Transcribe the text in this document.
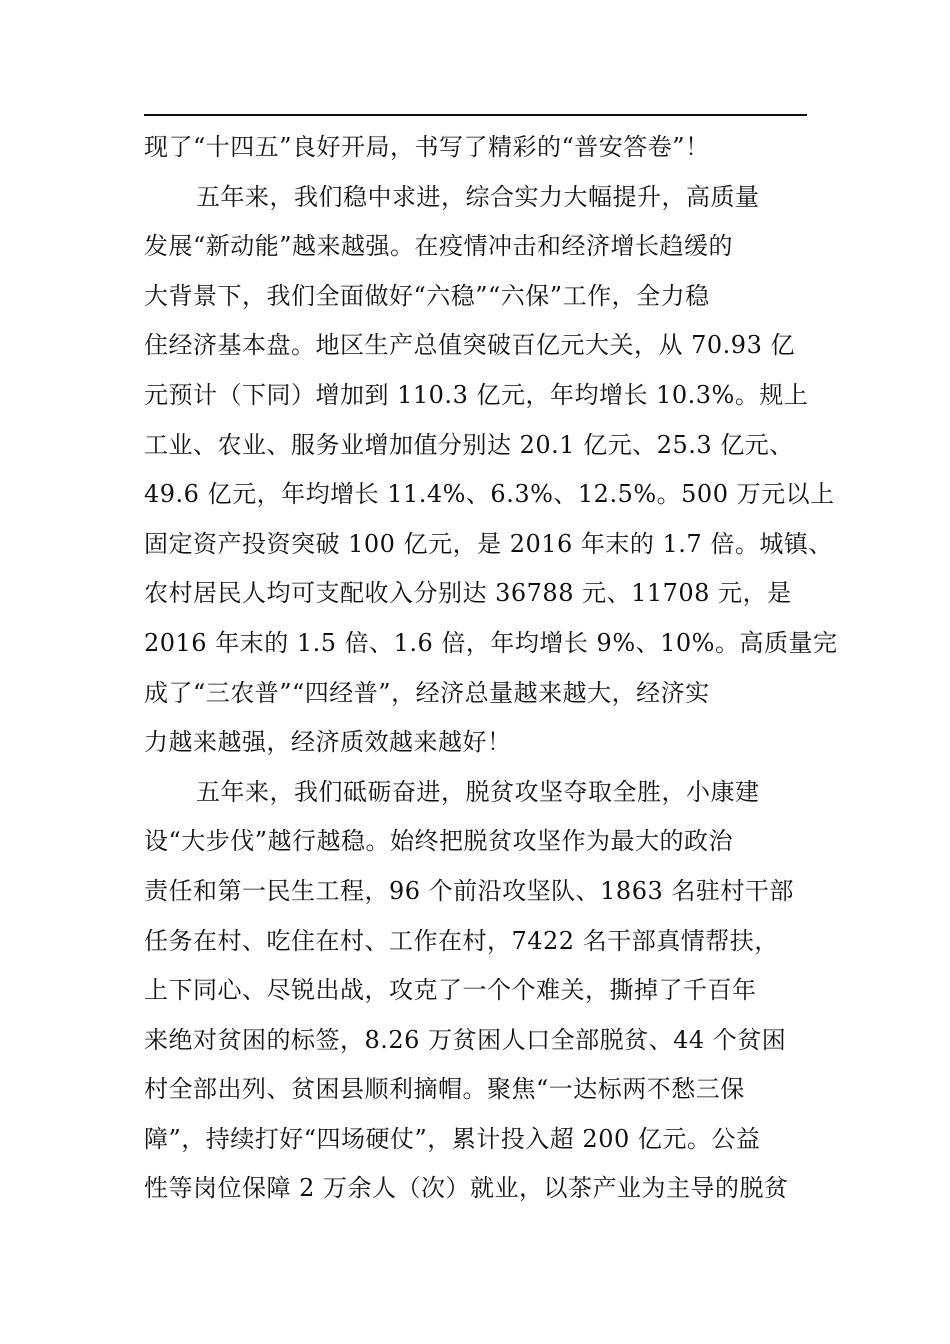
现了“十四五”良好开局，书写了精彩的“普安答卷”！
五年来，我们稳中求进，综合实力大幅提升，高质量
发展“新动能”越来越强。在疫情冲击和经济增长趋缓的
大背景下，我们全面做好“六稳”“六保”工作，全力稳
住经济基本盘。地区生产总值突破百亿元大关，从 70.93 亿
元预计（下同）增加到 110.3 亿元，年均增长 10.3%。规上
工业、农业、服务业增加值分别达 20.1 亿元、25.3 亿元、
49.6 亿元，年均增长 11.4%、6.3%、12.5%。500 万元以上
固定资产投资突破 100 亿元，是 2016 年末的 1.7 倍。城镇、
农村居民人均可支配收入分别达 36788 元、11708 元，是
2016 年末的 1.5 倍、1.6 倍，年均增长 9%、10%。高质量完
成了“三农普”“四经普”，经济总量越来越大，经济实
力越来越强，经济质效越来越好！
五年来，我们砥砺奋进，脱贫攻坚夺取全胜，小康建
设“大步伐”越行越稳。始终把脱贫攻坚作为最大的政治
责任和第一民生工程，96 个前沿攻坚队、1863 名驻村干部
任务在村、吃住在村、工作在村，7422 名干部真情帮扶，
上下同心、尽锐出战，攻克了一个个难关，撕掉了千百年
来绝对贫困的标签，8.26 万贫困人口全部脱贫、44 个贫困
村全部出列、贫困县顺利摘帽。聚焦“一达标两不愁三保
障”，持续打好“四场硬仗”，累计投入超 200 亿元。公益
性等岗位保障 2 万余人（次）就业，以茶产业为主导的脱贫
